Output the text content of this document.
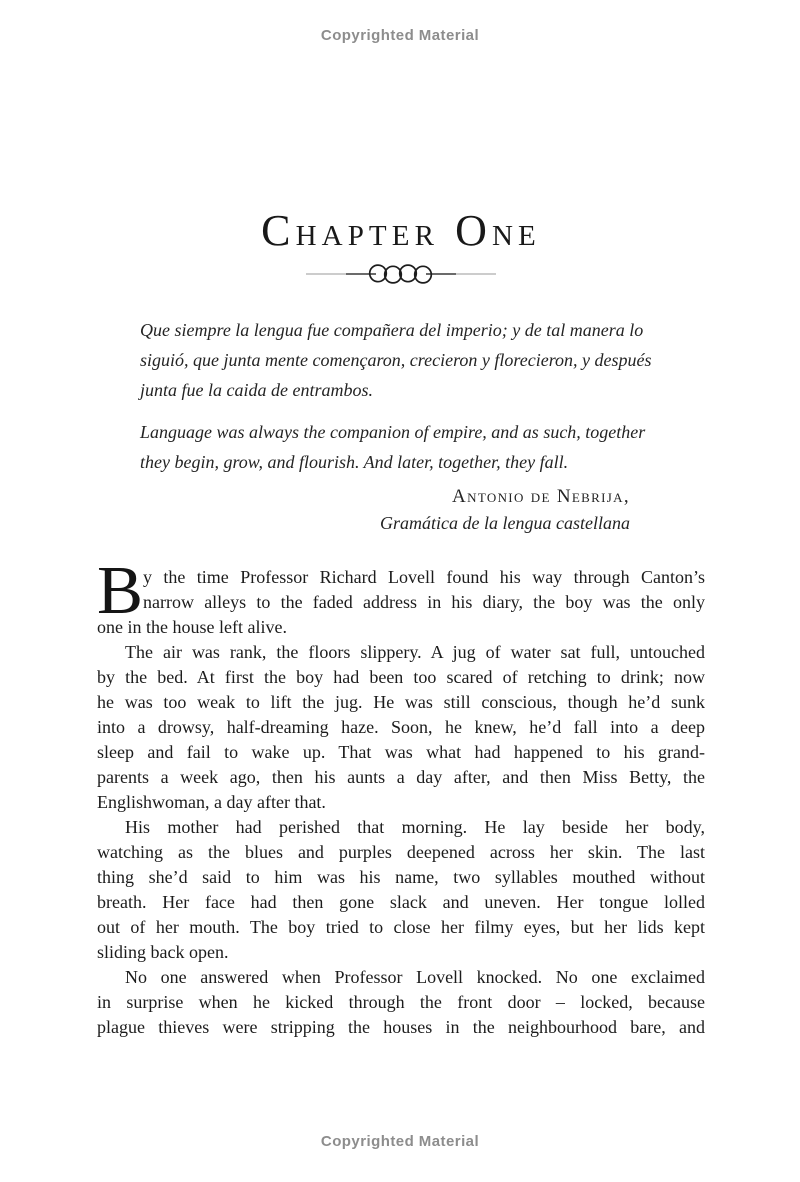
Copyrighted Material
CHAPTER ONE
Que siempre la lengua fue compañera del imperio; y de tal manera lo
siguió, que junta mente començaron, crecieron y florecieron, y después
junta fue la caida de entrambos.
Language was always the companion of empire, and as such, together
they begin, grow, and flourish. And later, together, they fall.
Antonio de Nebrija,
Gramática de la lengua castellana
B y the time Professor Richard Lovell found his way through Canton’s
narrow alleys to the faded address in his diary, the boy was the only
one in the house left alive.
The air was rank, the floors slippery. A jug of water sat full, untouched
by the bed. At first the boy had been too scared of retching to drink; now
he was too weak to lift the jug. He was still conscious, though he’d sunk
into a drowsy, half-dreaming haze. Soon, he knew, he’d fall into a deep
sleep and fail to wake up. That was what had happened to his grand-
parents a week ago, then his aunts a day after, and then Miss Betty, the
Englishwoman, a day after that.
His mother had perished that morning. He lay beside her body,
watching as the blues and purples deepened across her skin. The last
thing she’d said to him was his name, two syllables mouthed without
breath. Her face had then gone slack and uneven. Her tongue lolled
out of her mouth. The boy tried to close her filmy eyes, but her lids kept
sliding back open.
No one answered when Professor Lovell knocked. No one exclaimed
in surprise when he kicked through the front door – locked, because
plague thieves were stripping the houses in the neighbourhood bare, and
Copyrighted Material
